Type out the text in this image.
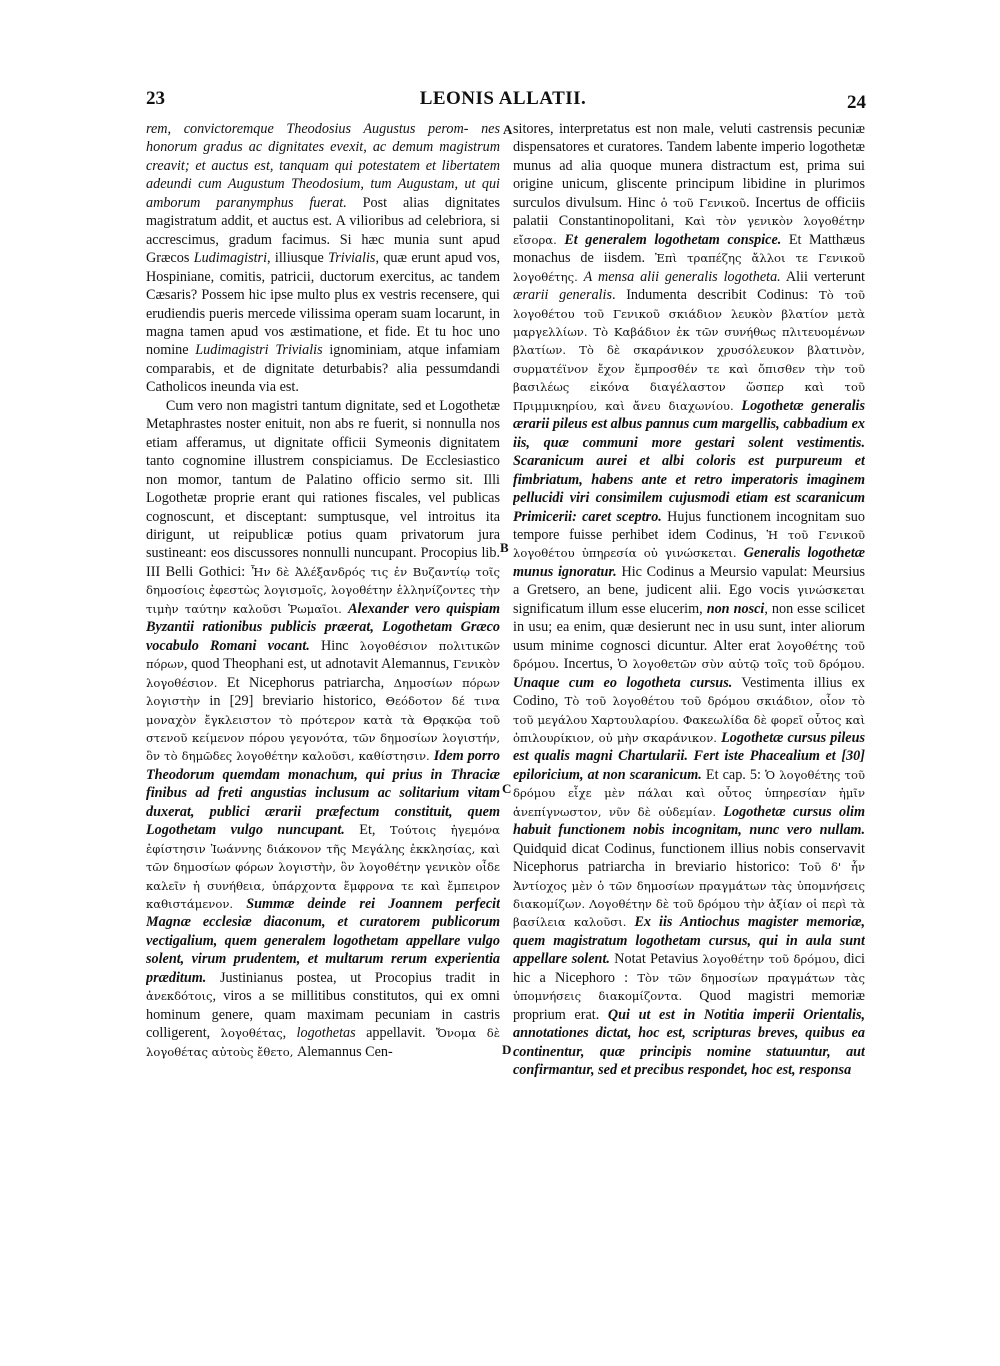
23	LEONIS ALLATII.	24

rem, convictoremque Theodosius Augustus perom- nes honorum gradus ac dignitates evexit, ac demum magistrum creavit; et auctus est, tanquam qui potestatem et libertatem adeundi cum Augustum Theodosium, tum Augustam, ut qui amborum paranymphus fuerat. Post alias dignitates magistratum addit, et auctus est. A vilioribus ad celebriora, si accrescimus, gradum facimus. Si hæc munia sunt apud Græcos Ludimagistri, illiusque Trivialis, quæ erunt apud vos, Hospiniane, comitis, patricii, ductorum exercitus, ac tandem Cæsaris? Possem hic ipse multo plus ex vestris recensere, qui erudiendis pueris mercede vilissima operam suam locarunt, in magna tamen apud vos æstimatione, et fide. Et tu hoc uno nomine Ludimagistri Trivialis ignominiam, atque infamiam comparabis, et de dignitate deturbabis? alia pessumdandi Catholicos ineunda via est.

Cum vero non magistri tantum dignitate, sed et Logothetæ Metaphrastes noster enituit, non abs re fuerit, si nonnulla nos etiam afferamus, ut dignitate officii Symeonis dignitatem tanto cognomine illustrem conspiciamus. De Ecclesiastico non momor, tantum de Palatino officio sermo sit. Illi Logothetæ proprie erant qui rationes fiscales, vel publicas cognoscunt, et disceptant: sumptusque, vel introitus ita dirigunt, ut reipublicæ potius quam privatorum jura sustineant: eos discussores nonnulli nuncupant. Procopius lib. III Belli Gothici: Ἦν δὲ Ἀλέξανδρός τις ἐν Βυζαντίῳ τοῖς δημοσίοις ἐφεστὼς λογισμοῖς, λογοθέτην ἑλληνίζοντες τὴν τιμὴν ταύτην καλοῦσι Ῥωμαῖοι. Alexander vero quispiam Byzantii rationibus publicis præerat, Logothetam Græco vocabulo Romani vocant. Hinc λογοθέσιον πολιτικῶν πόρων, quod Theophani est, ut adnotavit Alemannus, Γενικὸν λογοθέσιον. Et Nicephorus patriarcha, Δημοσίων πόρων λογιστὴν in [29] breviario historico, Θεόδοτον δέ τινα μοναχὸν ἔγκλειστον τὸ πρότερον κατὰ τὰ Θρᾳκῷα τοῦ στενοῦ κείμενον πόρου γεγονότα, τῶν δημοσίων λογιστήν, ὃν τὸ δημῶδες λογοθέτην καλοῦσι, καθίστησιν. Idem porro Theodorum quemdam monachum, qui prius in Thraciæ finibus ad freti angustias inclusum ac solitarium vitam duxerat, publici ærarii præfectum constituit, quem Logothetam vulgo nuncupant. Et, Τούτοις ἡγεμόνα ἐφίστησιν Ἰωάννης διάκονον τῆς Μεγάλης ἐκκλησίας, καὶ τῶν δημοσίων φόρων λογιστὴν, ὃν λογοθέτην γενικὸν οἶδε καλεῖν ἡ συνήθεια, ὑπάρχοντα ἔμφρονα τε καὶ ἔμπειρον καθιστάμενον. Summæ deinde rei Joannem perfecit Magnæ ecclesiæ diaconum, et curatorem publicorum vectigalium, quem generalem logothetam appellare vulgo solent, virum prudentem, et multarum rerum experientia præditum. Justinianus postea, ut Procopius tradit in ἀνεκδότοις, viros a se millitibus constitutos, qui ex omni hominum genere, quam maximam pecuniam in castris colligerent, λογοθέτας, logothetas appellavit. Ὄνομα δὲ λογοθέτας αὐτοὺς ἔθετο, Alemannus Cen-

A
B
C
D

sitores, interpretatus est non male, veluti castrensis pecuniæ dispensatores et curatores. Tandem labente imperio logothetæ munus ad alia quoque munera distractum est, prima sui origine unicum, gliscente principum libidine in plurimos surculos divulsum. Hinc ὁ τοῦ Γενικοῦ. Incertus de officiis palatii Constantinopolitani, Καὶ τὸν γενικὸν λογοθέτην εἴσορα. Et generalem logothetam conspice. Et Matthæus monachus de iisdem. Ἐπὶ τραπέζης ἄλλοι τε Γενικοῦ λογοθέτης. A mensa alii generalis logotheta. Alii verterunt ærarii generalis. Indumenta describit Codinus: Τὸ τοῦ λογοθέτου τοῦ Γενικοῦ σκιάδιον λευκὸν βλατίον μετὰ μαργελλίων. Τὸ Καβάδιον ἐκ τῶν συνήθως πλιτευομένων βλατίων. Τὸ δὲ σκαράνικον χρυσόλευκον βλατινὸν, συρματέϊνον ἔχον ἔμπροσθέν τε καὶ ὄπισθεν τὴν τοῦ βασιλέως εἰκόνα διαγέλαστον ὥσπερ καὶ τοῦ Πριμμικηρίου, καὶ ἄνευ διαχωνίου. Logothetæ generalis ærarii pileus est albus pannus cum margellis, cabbadium ex iis, quæ communi more gestari solent vestimentis. Scaranicum aurei et albi coloris est purpureum et fimbriatum, habens ante et retro imperatoris imaginem pellucidi viri consimilem cujusmodi etiam est scaranicum Primicerii: caret sceptro. Hujus functionem incognitam suo tempore fuisse perhibet idem Codinus, Ἡ τοῦ Γενικοῦ λογοθέτου ὑπηρεσία οὐ γινώσκεται. Generalis logothetæ munus ignoratur. Hic Codinus a Meursio vapulat: Meursius a Gretsero, an bene, judicent alii. Ego vocis γινώσκεται significatum illum esse elucerim, non nosci, non esse scilicet in usu; ea enim, quæ desierunt nec in usu sunt, inter aliorum usum minime cognosci dicuntur. Alter erat λογοθέτης τοῦ δρόμου. Incertus, Ὁ λογοθετῶν σὺν αὐτῷ τοῖς τοῦ δρόμου. Unaque cum eo logotheta cursus. Vestimenta illius ex Codino, Τὸ τοῦ λογοθέτου τοῦ δρόμου σκιάδιον, οἷον τὸ τοῦ μεγάλου Χαρτουλαρίου. Φακεωλίδα δὲ φορεῖ οὗτος καὶ ὀπιλουρίκιον, οὐ μὴν σκαράνικον. Logothetæ cursus pileus est qualis magni Chartularii. Fert iste Phacealium et [30] epiloricium, at non scaranicum. Et cap. 5: Ὁ λογοθέτης τοῦ δρόμου εἶχε μὲν πάλαι καὶ οὗτος ὑπηρεσίαν ἡμῖν ἀνεπίγνωστον, νῦν δὲ οὐδεμίαν. Logothetæ cursus olim habuit functionem nobis incognitam, nunc vero nullam. Quidquid dicat Codinus, functionem illius nobis conservavit Nicephorus patriarcha in breviario historico: Τοῦ δ' ἦν Ἀντίοχος μὲν ὁ τῶν δημοσίων πραγμάτων τὰς ὑπομνήσεις διακομίζων. Λογοθέτην δὲ τοῦ δρόμου τὴν ἀξίαν οἱ περὶ τὰ βασίλεια καλοῦσι. Ex iis Antiochus magister memoriæ, quem magistratum logothetam cursus, qui in aula sunt appellare solent. Notat Petavius λογοθέτην τοῦ δρόμου, dici hic a Nicephoro : Τὸν τῶν δημοσίων πραγμάτων τὰς ὑπομνήσεις διακομίζοντα. Quod magistri memoriæ proprium erat. Qui ut est in Notitia imperii Orientalis, annotationes dictat, hoc est, scripturas breves, quibus ea continentur, quæ principis nomine statuuntur, aut confirmantur, sed et precibus respondet, hoc est, responsa
